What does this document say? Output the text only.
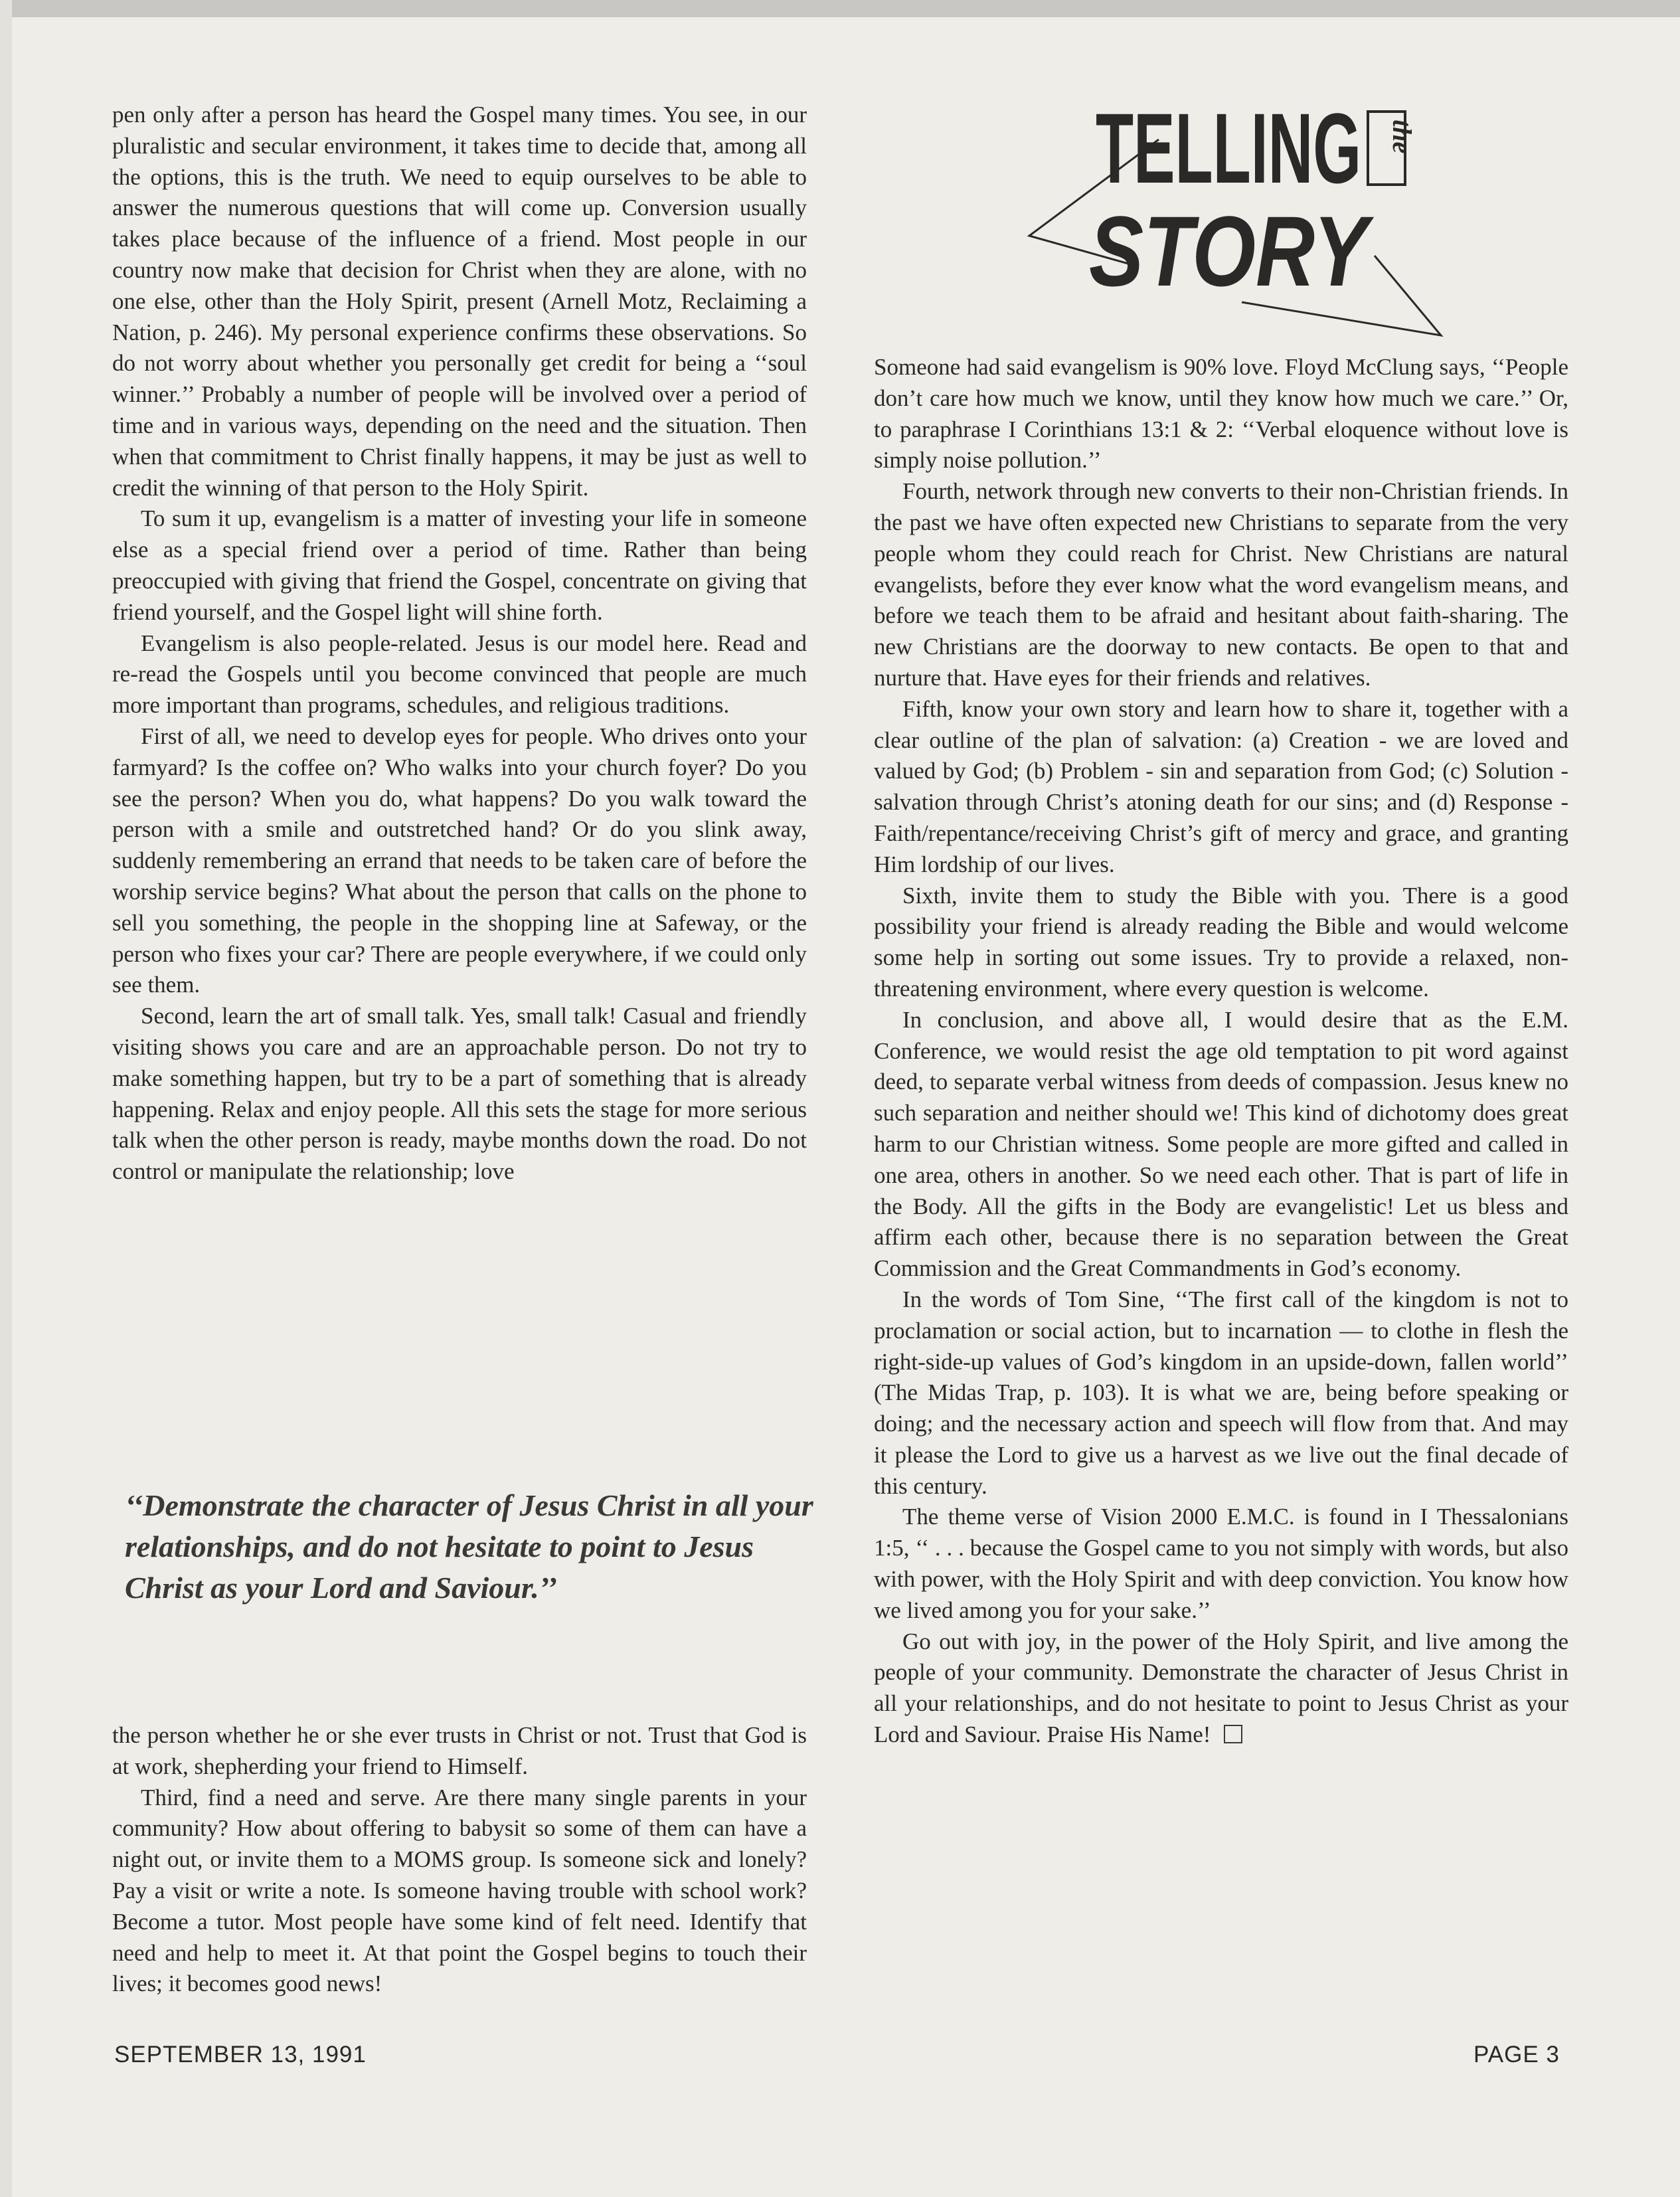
TELLING the
STORY

pen only after a person has heard the Gospel many times. You see, in our pluralistic and secular environment, it takes time to decide that, among all the options, this is the truth. We need to equip ourselves to be able to answer the numerous questions that will come up. Conversion usually takes place because of the influence of a friend. Most people in our country now make that decision for Christ when they are alone, with no one else, other than the Holy Spirit, present (Arnell Motz, Reclaiming a Nation, p. 246). My personal experience confirms these observations. So do not worry about whether you personally get credit for being a ‘‘soul winner.’’ Probably a number of people will be involved over a period of time and in various ways, depending on the need and the situation. Then when that commitment to Christ finally happens, it may be just as well to credit the winning of that person to the Holy Spirit.

To sum it up, evangelism is a matter of investing your life in someone else as a special friend over a period of time. Rather than being preoccupied with giving that friend the Gospel, concentrate on giving that friend yourself, and the Gospel light will shine forth.

Evangelism is also people-related. Jesus is our model here. Read and re-read the Gospels until you become convinced that people are much more important than programs, schedules, and religious traditions.

First of all, we need to develop eyes for people. Who drives onto your farmyard? Is the coffee on? Who walks into your church foyer? Do you see the person? When you do, what happens? Do you walk toward the person with a smile and outstretched hand? Or do you slink away, suddenly remembering an errand that needs to be taken care of before the worship service begins? What about the person that calls on the phone to sell you something, the people in the shopping line at Safeway, or the person who fixes your car? There are people everywhere, if we could only see them.

Second, learn the art of small talk. Yes, small talk! Casual and friendly visiting shows you care and are an approachable person. Do not try to make something happen, but try to be a part of something that is already happening. Relax and enjoy people. All this sets the stage for more serious talk when the other person is ready, maybe months down the road. Do not control or manipulate the relationship; love

‘‘Demonstrate the character of Jesus Christ in all your relationships, and do not hesitate to point to Jesus Christ as your Lord and Saviour.’’

the person whether he or she ever trusts in Christ or not. Trust that God is at work, shepherding your friend to Himself.

Third, find a need and serve. Are there many single parents in your community? How about offering to babysit so some of them can have a night out, or invite them to a MOMS group. Is someone sick and lonely? Pay a visit or write a note. Is someone having trouble with school work? Become a tutor. Most people have some kind of felt need. Identify that need and help to meet it. At that point the Gospel begins to touch their lives; it becomes good news!

Someone had said evangelism is 90% love. Floyd McClung says, ‘‘People don’t care how much we know, until they know how much we care.’’ Or, to paraphrase I Corinthians 13:1 & 2: ‘‘Verbal eloquence without love is simply noise pollution.’’

Fourth, network through new converts to their non-Christian friends. In the past we have often expected new Christians to separate from the very people whom they could reach for Christ. New Christians are natural evangelists, before they ever know what the word evangelism means, and before we teach them to be afraid and hesitant about faith-sharing. The new Christians are the doorway to new contacts. Be open to that and nurture that. Have eyes for their friends and relatives.

Fifth, know your own story and learn how to share it, together with a clear outline of the plan of salvation: (a) Creation - we are loved and valued by God; (b) Problem - sin and separation from God; (c) Solution - salvation through Christ’s atoning death for our sins; and (d) Response - Faith/repentance/receiving Christ’s gift of mercy and grace, and granting Him lordship of our lives.

Sixth, invite them to study the Bible with you. There is a good possibility your friend is already reading the Bible and would welcome some help in sorting out some issues. Try to provide a relaxed, non-threatening environment, where every question is welcome.

In conclusion, and above all, I would desire that as the E.M. Conference, we would resist the age old temptation to pit word against deed, to separate verbal witness from deeds of compassion. Jesus knew no such separation and neither should we! This kind of dichotomy does great harm to our Christian witness. Some people are more gifted and called in one area, others in another. So we need each other. That is part of life in the Body. All the gifts in the Body are evangelistic! Let us bless and affirm each other, because there is no separation between the Great Commission and the Great Commandments in God’s economy.

In the words of Tom Sine, ‘‘The first call of the kingdom is not to proclamation or social action, but to incarnation — to clothe in flesh the right-side-up values of God’s kingdom in an upside-down, fallen world’’ (The Midas Trap, p. 103). It is what we are, being before speaking or doing; and the necessary action and speech will flow from that. And may it please the Lord to give us a harvest as we live out the final decade of this century.

The theme verse of Vision 2000 E.M.C. is found in I Thessalonians 1:5, ‘‘ . . . because the Gospel came to you not simply with words, but also with power, with the Holy Spirit and with deep conviction. You know how we lived among you for your sake.’’

Go out with joy, in the power of the Holy Spirit, and live among the people of your community. Demonstrate the character of Jesus Christ in all your relationships, and do not hesitate to point to Jesus Christ as your Lord and Saviour. Praise His Name!

SEPTEMBER 13, 1991	PAGE 3
